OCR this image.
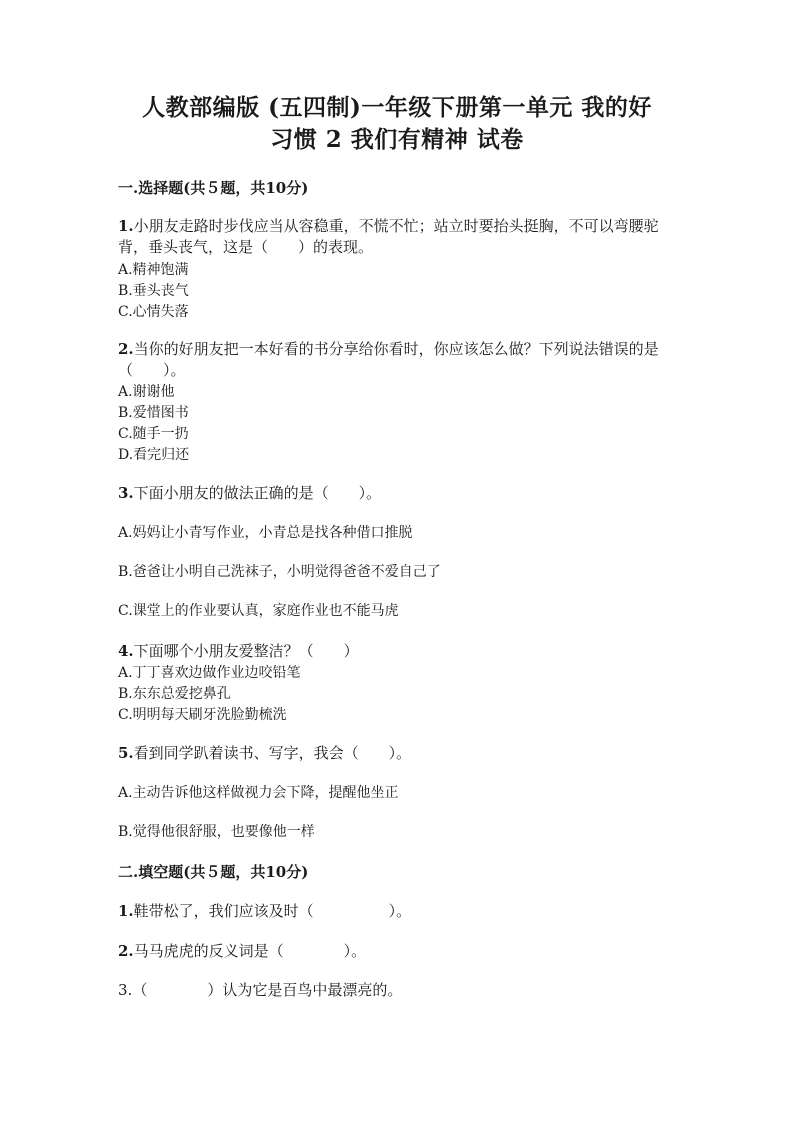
人教部编版 (五四制)一年级下册第一单元 我的好
习惯 2 我们有精神 试卷
一.选择题(共５题，共10分)
1.小朋友走路时步伐应当从容稳重，不慌不忙；站立时要抬头挺胸，不可以弯腰驼背，垂头丧气，这是（　　）的表现。
A.精神饱满
B.垂头丧气
C.心情失落
2.当你的好朋友把一本好看的书分享给你看时，你应该怎么做？下列说法错误的是（　　）。
A.谢谢他
B.爱惜图书
C.随手一扔
D.看完归还
3.下面小朋友的做法正确的是（　　）。
A.妈妈让小青写作业，小青总是找各种借口推脱
B.爸爸让小明自己洗袜子，小明觉得爸爸不爱自己了
C.课堂上的作业要认真，家庭作业也不能马虎
4.下面哪个小朋友爱整洁？（　　）
A.丁丁喜欢边做作业边咬铅笔
B.东东总爱挖鼻孔
C.明明每天刷牙洗脸勤梳洗
5.看到同学趴着读书、写字，我会（　　）。
A.主动告诉他这样做视力会下降，提醒他坐正
B.觉得他很舒服，也要像他一样
二.填空题(共５题，共10分)
1.鞋带松了，我们应该及时（　　　　　）。
2.马马虎虎的反义词是（　　　　）。
3.（　　　　）认为它是百鸟中最漂亮的。
